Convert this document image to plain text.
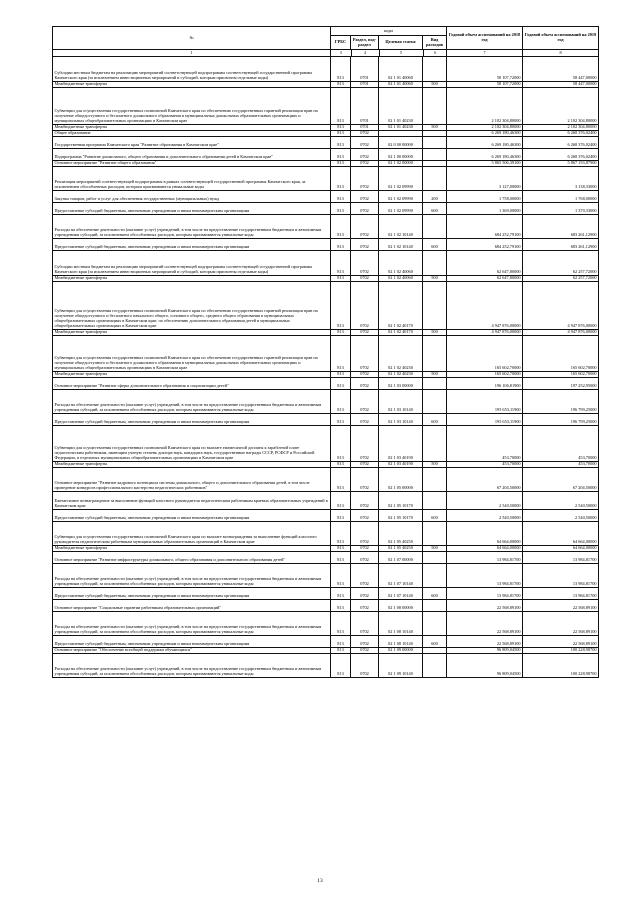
№	коды	Годовой объем ассигнований на 2018 год	Годовой объем ассигнований на 2019 год
ГРБС	Раздел, под-раздел	Целевая статья	Вид расходов
1		3	4	5	6
		7	8
Субсидии местным бюджетам на реализацию мероприятий соответствующей подпрограммы соответствующей государственной программы Камчатского края (за исключением инвестиционных мероприятий и субсидий, которым присвоены отдельные коды)	813	0701	02 1 01 40060		58 107,72000	58 447,00000
Межбюджетные трансферты	813	0701	02 1 01 40060	500	58 107,72000	58 447,00000
Субвенции для осуществления государственных полномочий Камчатского края по обеспечению государственных гарантий реализации прав на получение общедоступного и бесплатного дошкольного образования в муниципальных дошкольных образовательных организациях и муниципальных общеобразовательных организациях в Камчатском крае	813	0701	02 1 01 40230		2 102 304,80000	2 102 304,80000
Межбюджетные трансферты	813	0701	02 1 01 40230	500	2 102 304,80000	2 102 304,80000
Общее образование	813	0702			6 269 180,46300	6 268 376,02400
Государственная программа Камчатского края "Развитие образования в Камчатском крае"	813	0702	02 0 00 00000		6 269 180,46300	6 268 376,02400
Подпрограмма "Развитие дошкольного, общего образования и дополнительного образования детей в Камчатском крае"	813	0702	02 1 00 00000		6 269 180,46300	6 268 376,02400
Основное мероприятие "Развитие общего образования"	813	0702	02 1 02 00000		5 865 506,39100	5 867 153,87900
Реализация мероприятий соответствующей подпрограммы в рамках соответствующей государственной программы Камчатского края, за исключением обособленных расходов, которым присваиваются уникальные коды	813	0702	02 1 02 09990		3 127,00000	3 138,33000
Закупка товаров, работ и услуг для обеспечения государственных (муниципальных) нужд	813	0702	02 1 02 09990	200	1 758,00000	1 768,00000
Предоставление субсидий бюджетным, автономным учреждениям и иным некоммерческим организациям	813	0702	02 1 02 09990	600	1 369,00000	1 370,33000
Расходы на обеспечение деятельности (оказание услуг) учреждений, в том числе на предоставление государственным бюджетным и автономным учреждениям субсидий, за исключением обособленных расходов, которым присваиваются уникальные коды	813	0702	02 1 02 10140		684 252,79100	683 261,12900
Предоставление субсидий бюджетным, автономным учреждениям и иным некоммерческим организациям	813	0702	02 1 02 10140	600	684 252,79100	683 261,12900
Субсидии местным бюджетам на реализацию мероприятий соответствующей подпрограммы соответствующей государственной программы Камчатского края (за исключением инвестиционных мероприятий и субсидий, которым присвоены отдельные коды)	813	0702	02 1 02 40060		62 647,80000	62 257,72000
Межбюджетные трансферты	813	0702	02 1 02 40060	500	62 647,80000	62 257,72000
Субвенции для осуществления государственных полномочий Камчатского края по обеспечению государственных гарантий реализации прав на получение общедоступного и бесплатного начального общего, основного общего, среднего общего образования в муниципальных общеобразовательных организациях в Камчатском крае, по обеспечению дополнительного образования детей в муниципальных общеобразовательных организациях в Камчатском крае	813	0702	02 1 02 40170		4 947 876,00000	4 947 876,00000
Межбюджетные трансферты	813	0702	02 1 02 40170	500	4 947 876,00000	4 947 876,00000
Субвенции для осуществления государственных полномочий Камчатского края по обеспечению государственных гарантий реализации прав на получение общедоступного и бесплатного дошкольного образования в муниципальных дошкольных образовательных организациях и муниципальных общеобразовательных организациях в Камчатском крае	813	0702	02 1 02 40230		165 602,70000	165 602,70000
Межбюджетные трансферты	813	0702	02 1 02 40230	500	165 602,70000	165 602,70000
Основное мероприятие "Развитие сферы дополнительного образования и социализации детей"	813	0702	02 1 03 00000		196 106,81900	197 252,95000
Расходы на обеспечение деятельности (оказание услуг) учреждений, в том числе на предоставление государственным бюджетным и автономным учреждениям субсидий, за исключением обособленных расходов, которым присваиваются уникальные коды	813	0702	02 1 03 10140		195 653,11900	196 799,25000
Предоставление субсидий бюджетным, автономным учреждениям и иным некоммерческим организациям	813	0702	02 1 03 10140	600	195 653,11900	196 799,25000
Субвенции для осуществления государственных полномочий Камчатского края по выплате ежемесячной доплаты к заработной плате педагогическим работникам, имеющим ученую степень доктора наук, кандидата наук, государственные награды СССР, РСФСР и Российской Федерации, в отдельных муниципальных общеобразовательных организациях в Камчатском крае	813	0702	02 1 03 40190		453,70000	453,70000
Межбюджетные трансферты	813	0702	02 1 03 40190	500	453,70000	453,70000
Основное мероприятие "Развитие кадрового потенциала системы дошкольного, общего и дополнительного образования детей, в том числе проведение конкурсов профессионального мастерства педагогических работников"	813	0702	02 1 05 00000		67 204,50000	67 204,50000
Ежемесячное вознаграждение за выполнение функций классного руководителя педагогическим работникам краевых образовательных учреждений в Камчатском крае	813	0702	02 1 05 10170		2 540,50000	2 540,50000
Предоставление субсидий бюджетным, автономным учреждениям и иным некоммерческим организациям	813	0702	02 1 05 10170	600	2 540,50000	2 540,50000
Субвенции для осуществления государственных полномочий Камчатского края по выплате вознаграждения за выполнение функций классного руководителя педагогическим работникам муниципальных образовательных организаций в Камчатском крае	813	0702	02 1 05 40250		64 664,00000	64 664,00000
Межбюджетные трансферты	813	0702	02 1 05 40250	500	64 664,00000	64 664,00000
Основное мероприятие "Развитие инфраструктуры дошкольного, общего образования и дополнительного образования детей"	813	0702	02 1 07 00000		13 984,81700	13 984,81700
Расходы на обеспечение деятельности (оказание услуг) учреждений, в том числе на предоставление государственным бюджетным и автономным учреждениям субсидий, за исключением обособленных расходов, которым присваиваются уникальные коды	813	0702	02 1 07 10140		13 984,81700	13 984,81700
Предоставление субсидий бюджетным, автономным учреждениям и иным некоммерческим организациям	813	0702	02 1 07 10140	600	13 984,81700	13 984,81700
Основное мероприятие "Социальные гарантии работникам образовательных организаций"	813	0702	02 1 08 00000		22 568,89100	22 568,89100
Расходы на обеспечение деятельности (оказание услуг) учреждений, в том числе на предоставление государственным бюджетным и автономным учреждениям субсидий, за исключением обособленных расходов, которым присваиваются уникальные коды	813	0702	02 1 08 10140		22 568,89100	22 568,89100
Предоставление субсидий бюджетным, автономным учреждениям и иным некоммерческим организациям	813	0702	02 1 08 10140	600	22 568,89100	22 568,89100
Основное мероприятие "Обеспечение всеобщей поддержки обучающихся"	813	0702	02 1 09 00000		96 809,04500	100 228,98700
Расходы на обеспечение деятельности (оказание услуг) учреждений, в том числе на предоставление государственным бюджетным и автономным учреждениям субсидий, за исключением обособленных расходов, которым присваиваются уникальные коды	813	0702	02 1 09 10140		96 809,04500	100 228,98700
13
